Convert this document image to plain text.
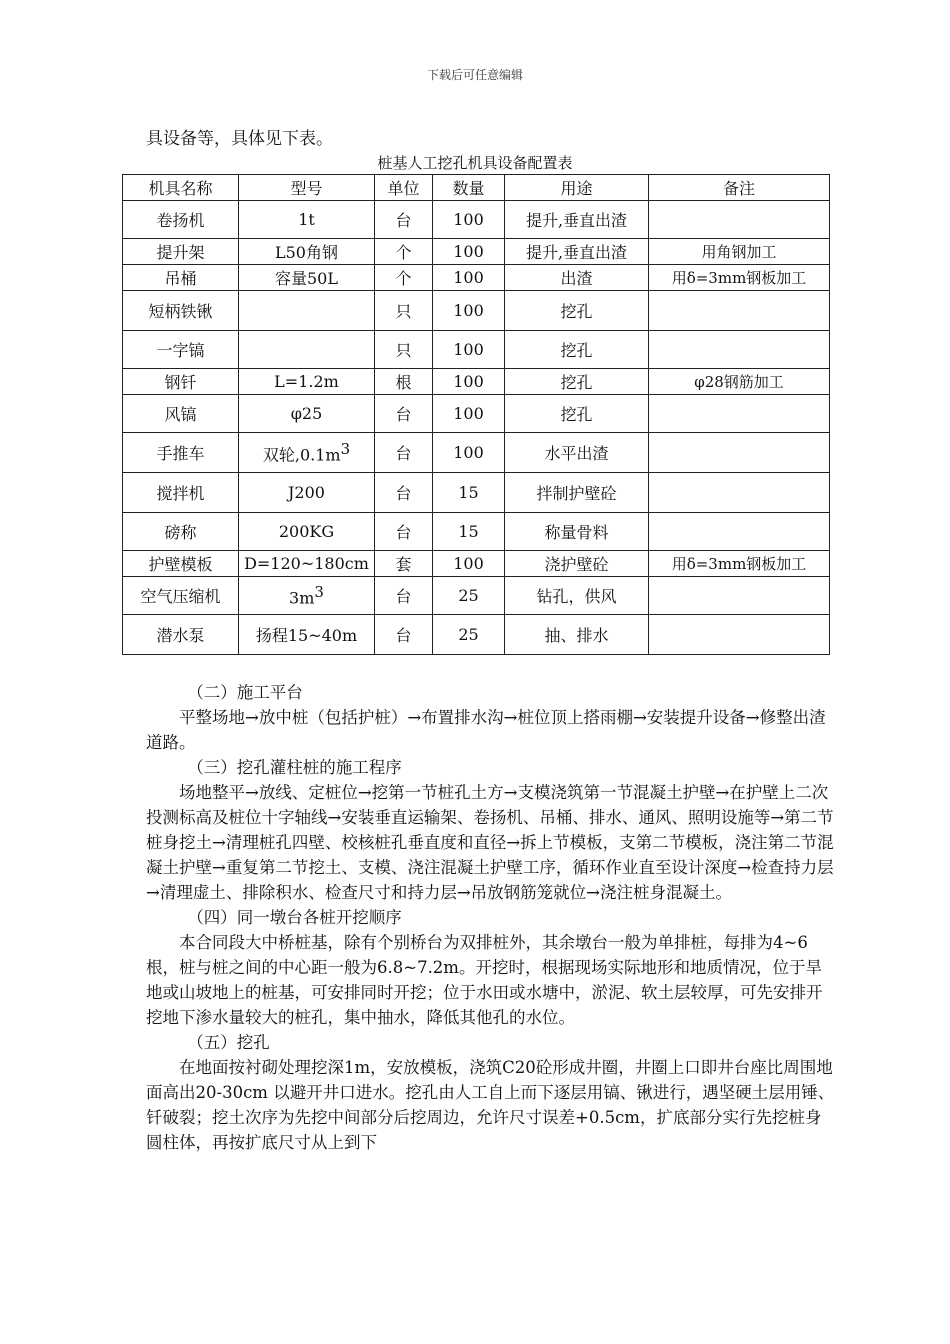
下载后可任意编辑
具设备等，具体见下表。
桩基人工挖孔机具设备配置表
机具名称	型号	单位	数量	用途	备注
卷扬机	1t	台	100	提升,垂直出渣	
提升架	L50角钢	个	100	提升,垂直出渣	用角钢加工
吊桶	容量50L	个	100	出渣	用δ=3mm钢板加工
短柄铁锹		只	100	挖孔	
一字镐		只	100	挖孔	
钢钎	L=1.2m	根	100	挖孔	φ28钢筋加工
风镐	φ25	台	100	挖孔	
手推车	双轮$,0.1m^3$	台	100	水平出渣	
搅拌机	J200	台	15	拌制护壁砼	
磅称	200KG	台	15	称量骨料	
护壁模板	D=120~180cm	套	100	浇护壁砼	用δ=3mm钢板加工
空气压缩机	$3m^3$	台	25	钻孔，供风	
潜水泵	扬程15~40m	台	25	抽、排水	

（二）施工平台

平整场地→放中桩（包括护桩）→布置排水沟→桩位顶上搭雨棚→安装提升设备→修整出渣道路。

（三）挖孔灌柱桩的施工程序

场地整平→放线、定桩位→挖第一节桩孔土方→支模浇筑第一节混凝土护壁→在护壁上二次投测标高及桩位十字轴线→安装垂直运输架、卷扬机、吊桶、排水、通风、照明设施等→第二节桩身挖土→清理桩孔四壁、校核桩孔垂直度和直径→拆上节模板，支第二节模板，浇注第二节混凝土护壁→重复第二节挖土、支模、浇注混凝土护壁工序，循环作业直至设计深度→检查持力层→清理虚土、排除积水、检查尺寸和持力层→吊放钢筋笼就位→浇注桩身混凝土。

（四）同一墩台各桩开挖顺序

本合同段大中桥桩基，除有个别桥台为双排桩外，其余墩台一般为单排桩，每排为4~6根，桩与桩之间的中心距一般为6.8~7.2m。开挖时，根据现场实际地形和地质情况，位于旱地或山坡地上的桩基，可安排同时开挖；位于水田或水塘中，淤泥、软土层较厚，可先安排开挖地下渗水量较大的桩孔，集中抽水，降低其他孔的水位。

（五）挖孔

在地面按衬砌处理挖深1m，安放模板，浇筑C20砼形成井圈，井圈上口即井台座比周围地面高出20-30cm 以避开井口进水。挖孔由人工自上而下逐层用镐、锹进行，遇坚硬土层用锤、钎破裂；挖土次序为先挖中间部分后挖周边，允许尺寸误差+0.5cm，扩底部分实行先挖桩身圆柱体，再按扩底尺寸从上到下
